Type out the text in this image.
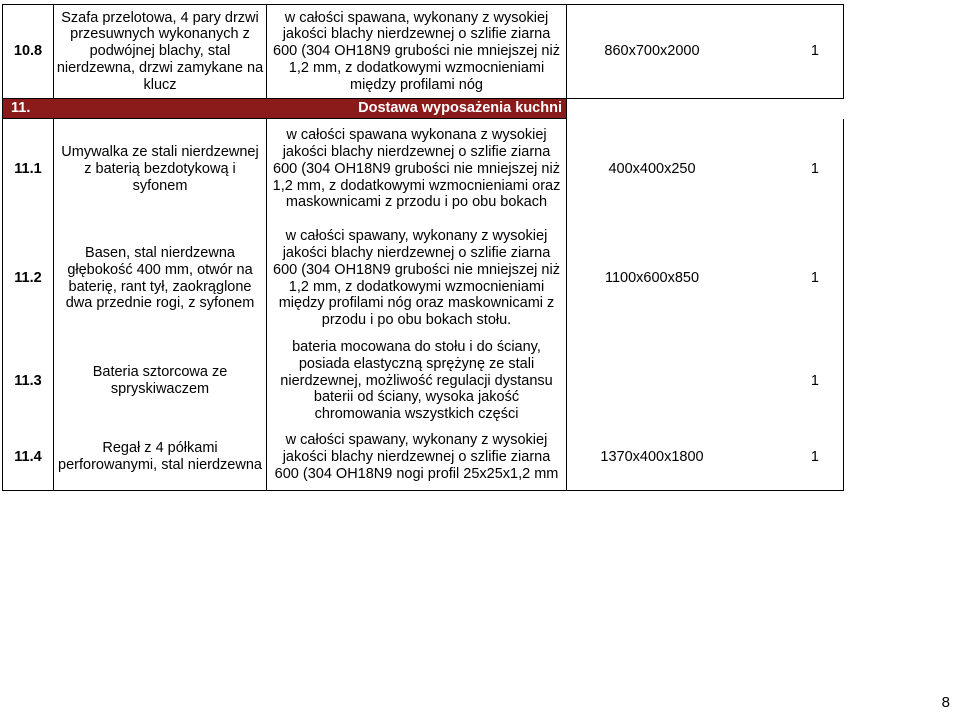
10.8	Szafa przelotowa, 4 pary drzwi przesuwnych wykonanych z podwójnej blachy, stal nierdzewna, drzwi zamykane na klucz	w całości spawana, wykonany z wysokiej jakości blachy nierdzewnej o szlifie ziarna 600 (304 OH18N9 grubości nie mniejszej niż 1,2 mm, z dodatkowymi wzmocnieniami między profilami nóg	860x700x2000	1
11.		Dostawa wyposażenia kuchni		
11.1	Umywalka ze stali nierdzewnej z baterią bezdotykową i syfonem	w całości spawana wykonana z wysokiej jakości blachy nierdzewnej o szlifie ziarna 600 (304 OH18N9 grubości nie mniejszej niż 1,2 mm, z dodatkowymi wzmocnieniami oraz maskownicami z przodu i po obu bokach	400x400x250	1
11.2	Basen, stal nierdzewna głębokość 400 mm, otwór na baterię, rant tył, zaokrąglone dwa przednie rogi, z syfonem	w całości spawany, wykonany z wysokiej jakości blachy nierdzewnej o szlifie ziarna 600 (304 OH18N9 grubości nie mniejszej niż 1,2 mm, z dodatkowymi wzmocnieniami między profilami nóg oraz maskownicami z przodu i po obu bokach stołu.	1100x600x850	1
11.3	Bateria sztorcowa ze spryskiwaczem	bateria mocowana do stołu i do ściany, posiada elastyczną sprężynę ze stali nierdzewnej, możliwość regulacji dystansu baterii od ściany, wysoka jakość chromowania wszystkich części		1
11.4	Regał z 4 półkami perforowanymi, stal nierdzewna	w całości spawany, wykonany z wysokiej jakości blachy nierdzewnej o szlifie ziarna 600 (304 OH18N9 nogi profil 25x25x1,2 mm	1370x400x1800	1
8
